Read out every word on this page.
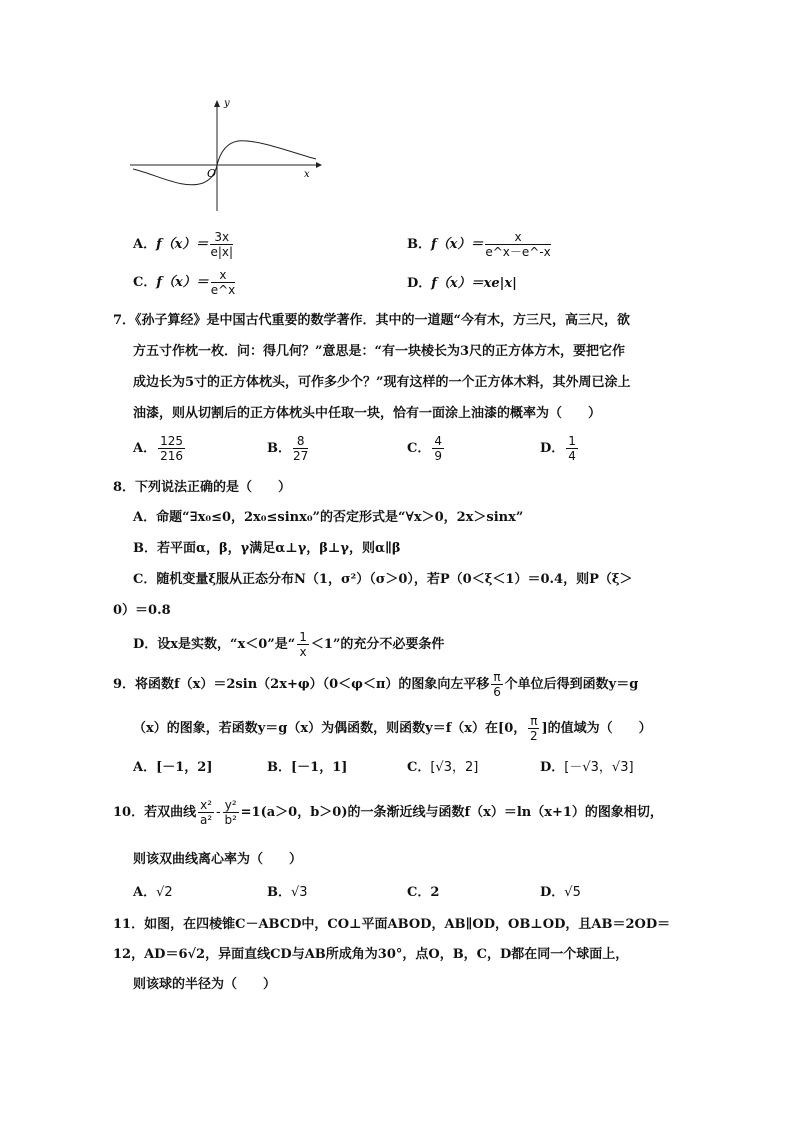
y
x
O
A．$f(x)= \frac{3x}{e|x|}$	B．$f(x)= \frac{x}{e\^{}x-e\^{}-x}$
C．$f(x)= \frac{x}{e\^{}x}$	D．f（x）＝xe|x|
7．《孙子算经》是中国古代重要的数学著作．其中的一道题“今有木，方三尺，高三尺，欲
方五寸作枕一枚．问：得几何？”意思是：“有一块棱长为3尺的正方体方木，要把它作
成边长为5寸的正方体枕头，可作多少个？”现有这样的一个正方体木料，其外周已涂上
油漆，则从切割后的正方体枕头中任取一块，恰有一面涂上油漆的概率为（　　）
A． $\frac{125}{216}$	B． $\frac{8}{27}$	C． $\frac{4}{9}$	D． $\frac{1}{4}$
8．下列说法正确的是（　　）
A．命题“∃x₀≤0，2x₀≤sinx₀”的否定形式是“∀x＞0，2x＞sinx”
B．若平面α，β，γ满足α⊥γ，β⊥γ，则α∥β
C．随机变量ξ服从正态分布N（1，σ²）（σ＞0），若P（0＜ξ＜1）＝0.4，则P（ξ＞
0）＝0.8
D．设x是实数，“x＜0”是“ $\frac{1}{x} <1$”的充分不必要条件
9．将函数f（x）＝2sin（2x+φ）（0＜φ＜π）的图象向左平移 $\frac{\pi}{6}$ 个单位后得到函数y＝g
（x）的图象，若函数y＝g（x）为偶函数，则函数y＝f（x）在[0， $\frac{\pi}{2}$ ]的值域为（　　）
A．[－1，2]	B．[－1，1]	C．[√3，2]	D．[－√3，√3]
10．若双曲线 $\frac{\text{x²}}{\text{a²}} - \frac{\text{y²}}{\text{b²}} =1(a>0$，b＞0)的一条渐近线与函数f（x）＝ln（x+1）的图象相切，
则该双曲线离心率为（　　）
A．√2	B．√3	C．2	D．√5
11．如图，在四棱锥C－ABCD中，CO⊥平面ABOD，AB∥OD，OB⊥OD，且AB＝2OD＝
12，AD＝6√2，异面直线CD与AB所成角为30°，点O，B，C，D都在同一个球面上，
则该球的半径为（　　）
